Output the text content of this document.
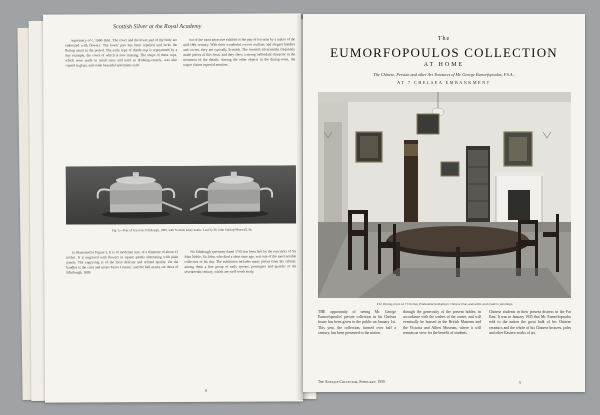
Scottish Silver at the Royal Academy

supremacy of c. 1660-1661. The cover and the lower part of the body are embossed with flowers. The lower part has been repaired and lacks the fluting usual in the period. The early type of thistle-cup is represented by a tiny example, the cover of which is now missing. The shape of these cups, which were made in small sizes and used as drinking-vessels, was also copied in glass, and some beautiful specimens exist.

out of the most attractive exhibits is the pair of tea-urns by a maker of the mid-18th century. With their wonderful rococo outlines and elegant handles and covers, they are typically Scottish. The Scottish silversmiths frequently made pieces of this form, and they show a strong individual character in the treatment of the details. Among the other objects in the dining-room, the teapot claims especial mention.

Fig. 5.—Pair of Tea-urns. Edinburgh, 1809, with Scottish assay marks. Lent by Sir John Stirling-Maxwell, Bt.

in illustrated in Figure 5. It is of moderate size, of a diameter of about 12 inches. It is engraved with flowers in square panels alternating with plain panels. The engraving is of the most delicate and refined quality. On the handles is the crest and motto 'Ferro Comite,' and the hall-marks are those of Edinburgh, 1809.

No Edinburgh specimen dated 1745 has been lent by the executors of Sir John Noble. Sir John, who died a short time ago, was one of the most notable collectors of his day. The exhibition includes many pieces from his cabinet, among them a fine group of early spoons, porringers and quaichs of the seventeenth century, which are well worth study.

8
The
EUMORFOPOULOS COLLECTION
AT HOME
The Chinese, Persian and other Art Treasures of Mr. George Eumorfopoulos, F.S.A.,
AT 7 CHELSEA EMBANKMENT
The Dining-room at 7 Chelsea Embankment displays Chinese blue-and-white and modern paintings.

THE opportunity of seeing Mr. George Eumorfopoulos' private collection in his Chelsea house has been given to the public on January 1st. This year, the collection, formed over half a century, has been presented to the nation.

through the generosity of the present holder, in accordance with the wishes of the owner, and will eventually be housed in the British Museum and the Victoria and Albert Museum, where it will remain on view for the benefit of students.

Chinese students in their present distress in the Far East. It was in January 1935 that Mr. Eumorfopoulos sold to the nation the great bulk of his Chinese ceramics and the whole of his Chinese bronzes, jades and other Eastern works of art.

The Antique Collector, February, 1939.	5
